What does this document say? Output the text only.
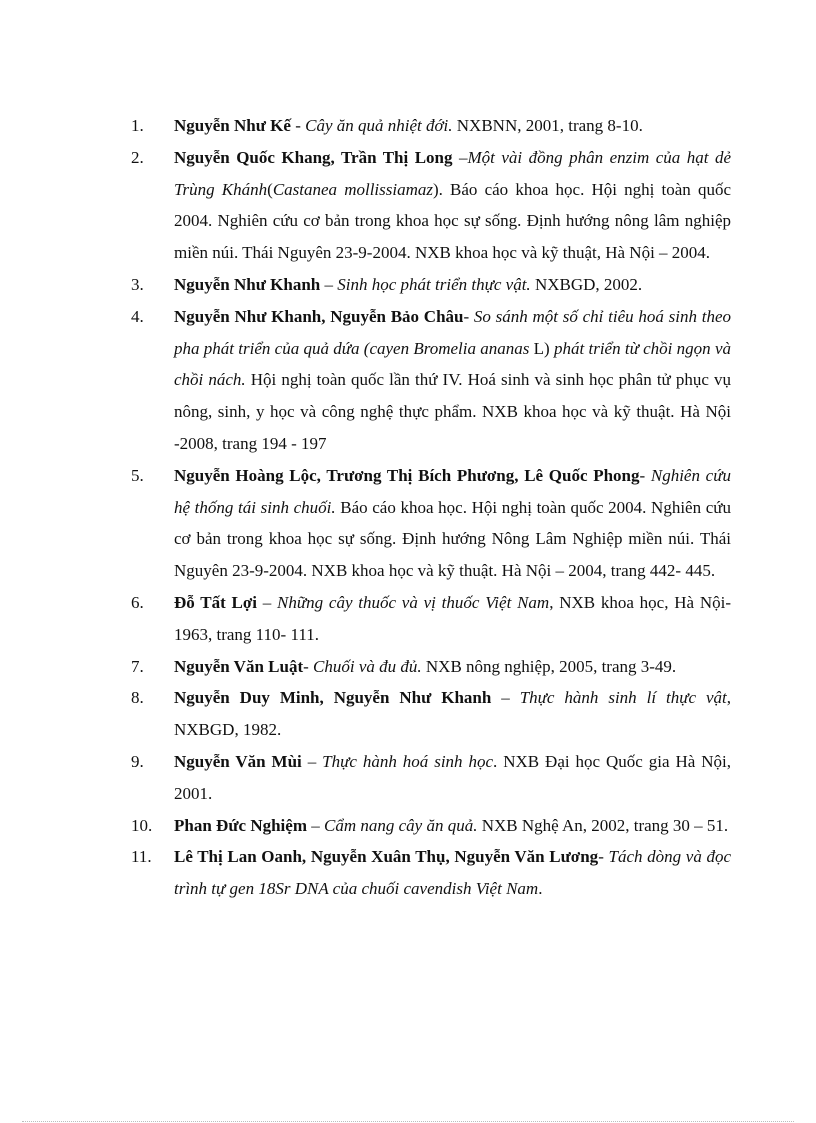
1.	Nguyễn Như Kế - Cây ăn quả nhiệt đới. NXBNN, 2001, trang 8-10.
2.	Nguyễn Quốc Khang, Trần Thị Long –Một vài đồng phân enzim của hạt dẻ Trùng Khánh(Castanea mollissiamaz). Báo cáo khoa học. Hội nghị toàn quốc 2004. Nghiên cứu cơ bản trong khoa học sự sống. Định hướng nông lâm nghiệp miền núi. Thái Nguyên 23-9-2004. NXB khoa học và kỹ thuật, Hà Nội – 2004.
3.	Nguyễn Như Khanh – Sinh học phát triển thực vật. NXBGD, 2002.
4.	Nguyễn Như Khanh, Nguyễn Bảo Châu- So sánh một số chỉ tiêu hoá sinh theo pha phát triển của quả dứa (cayen Bromelia ananas L) phát triển từ chồi ngọn và chồi nách. Hội nghị toàn quốc lần thứ IV. Hoá sinh và sinh học phân tử phục vụ nông, sinh, y học và công nghệ thực phẩm. NXB khoa học và kỹ thuật. Hà Nội -2008, trang 194 - 197
5.	Nguyễn Hoàng Lộc, Trương Thị Bích Phương, Lê Quốc Phong- Nghiên cứu hệ thống tái sinh chuối. Báo cáo khoa học. Hội nghị toàn quốc 2004. Nghiên cứu cơ bản trong khoa học sự sống. Định hướng Nông Lâm Nghiệp miền núi. Thái Nguyên 23-9-2004. NXB khoa học và kỹ thuật. Hà Nội – 2004, trang 442- 445.
6.	Đỗ Tất Lợi – Những cây thuốc và vị thuốc Việt Nam, NXB khoa học, Hà Nội- 1963, trang 110- 111.
7.	Nguyễn Văn Luật- Chuối và đu đủ. NXB nông nghiệp, 2005, trang 3-49.
8.	Nguyễn Duy Minh, Nguyễn Như Khanh – Thực hành sinh lí thực vật, NXBGD, 1982.
9.	Nguyễn Văn Mùi – Thực hành hoá sinh học. NXB Đại học Quốc gia Hà Nội, 2001.
10.	Phan Đức Nghiệm – Cẩm nang cây ăn quả. NXB Nghệ An, 2002, trang 30 – 51.
11.	Lê Thị Lan Oanh, Nguyễn Xuân Thụ, Nguyễn Văn Lương- Tách dòng và đọc trình tự gen 18Sr DNA của chuối cavendish Việt Nam.
